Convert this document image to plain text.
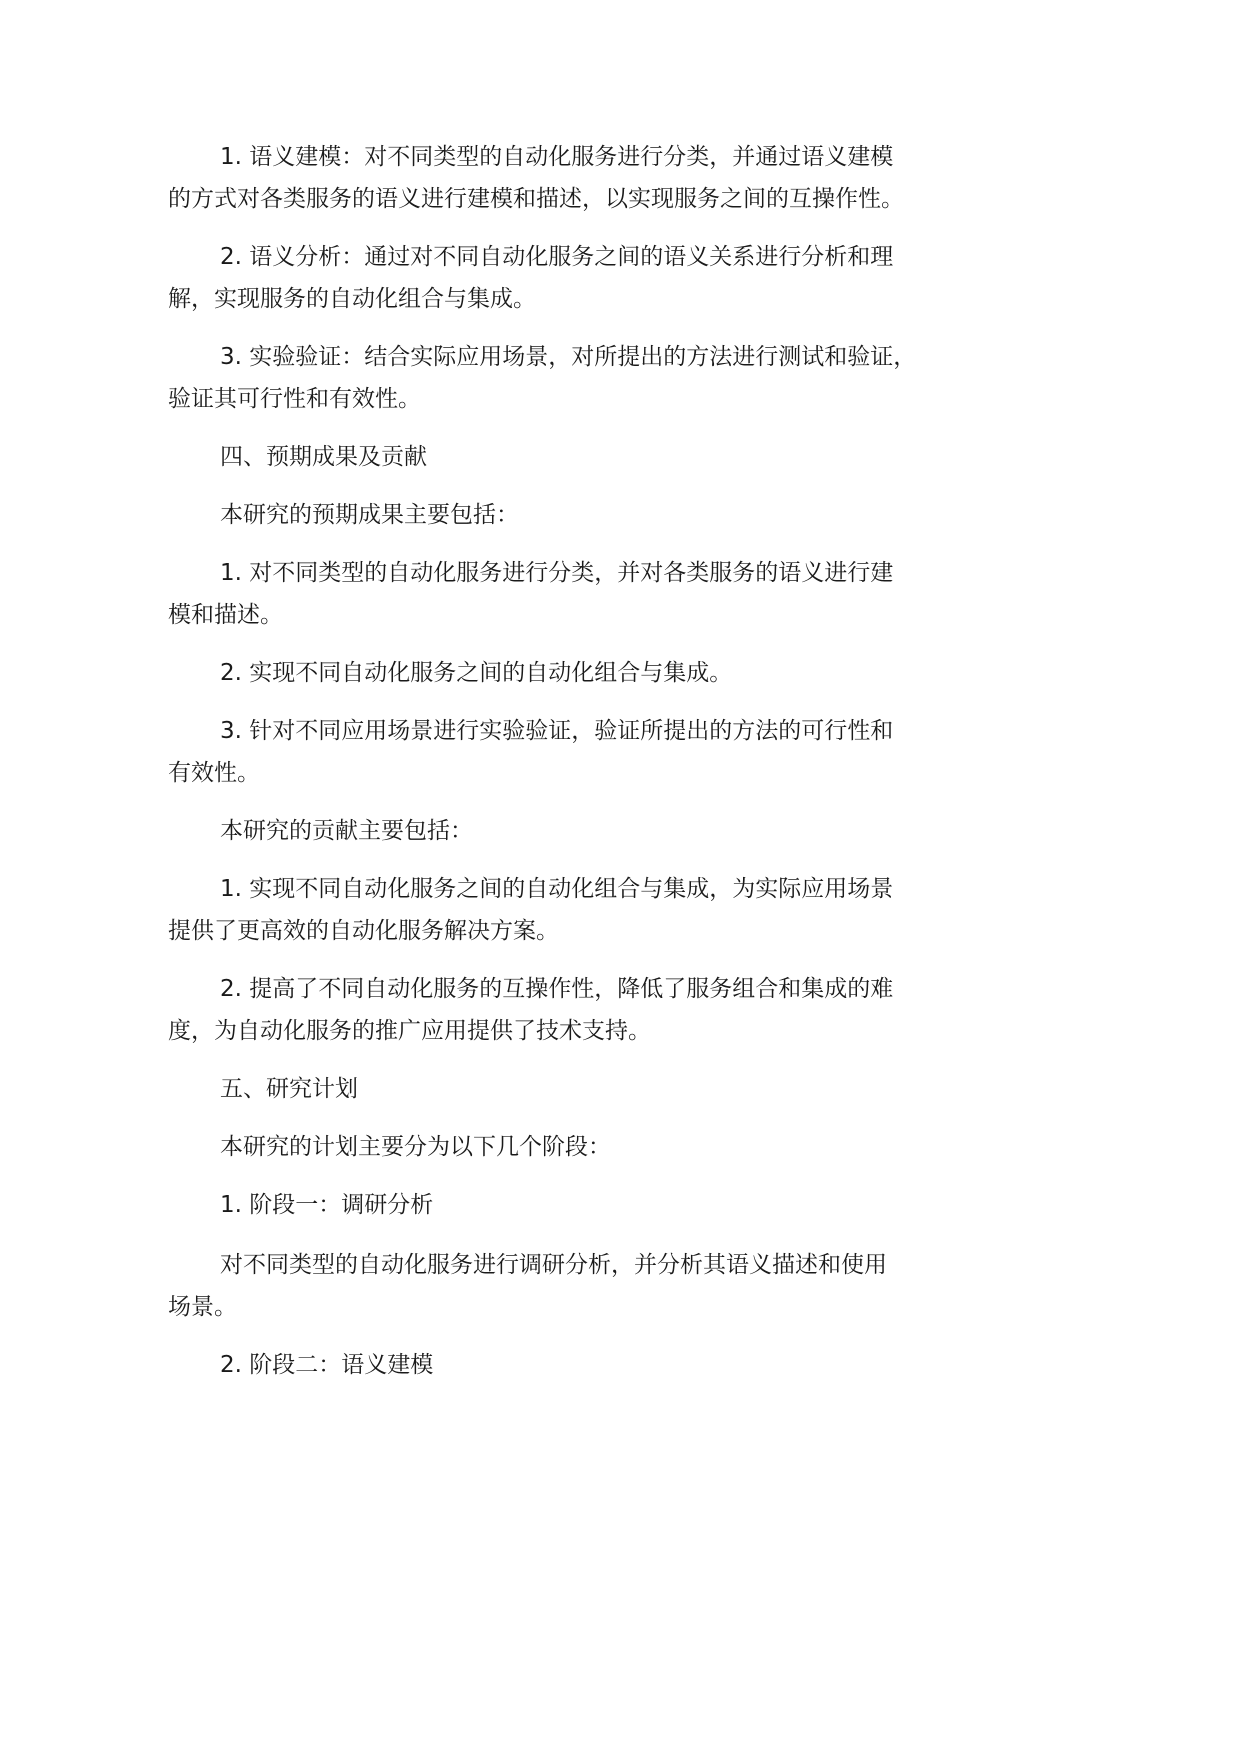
1. 语义建模：对不同类型的自动化服务进行分类，并通过语义建模

的方式对各类服务的语义进行建模和描述，以实现服务之间的互操作性。

2. 语义分析：通过对不同自动化服务之间的语义关系进行分析和理

解，实现服务的自动化组合与集成。

3. 实验验证：结合实际应用场景，对所提出的方法进行测试和验证，

验证其可行性和有效性。

四、预期成果及贡献

本研究的预期成果主要包括：

1. 对不同类型的自动化服务进行分类，并对各类服务的语义进行建

模和描述。

2. 实现不同自动化服务之间的自动化组合与集成。

3. 针对不同应用场景进行实验验证，验证所提出的方法的可行性和

有效性。

本研究的贡献主要包括：

1. 实现不同自动化服务之间的自动化组合与集成，为实际应用场景

提供了更高效的自动化服务解决方案。

2. 提高了不同自动化服务的互操作性，降低了服务组合和集成的难

度，为自动化服务的推广应用提供了技术支持。

五、研究计划

本研究的计划主要分为以下几个阶段：

1. 阶段一：调研分析

对不同类型的自动化服务进行调研分析，并分析其语义描述和使用

场景。

2. 阶段二：语义建模
